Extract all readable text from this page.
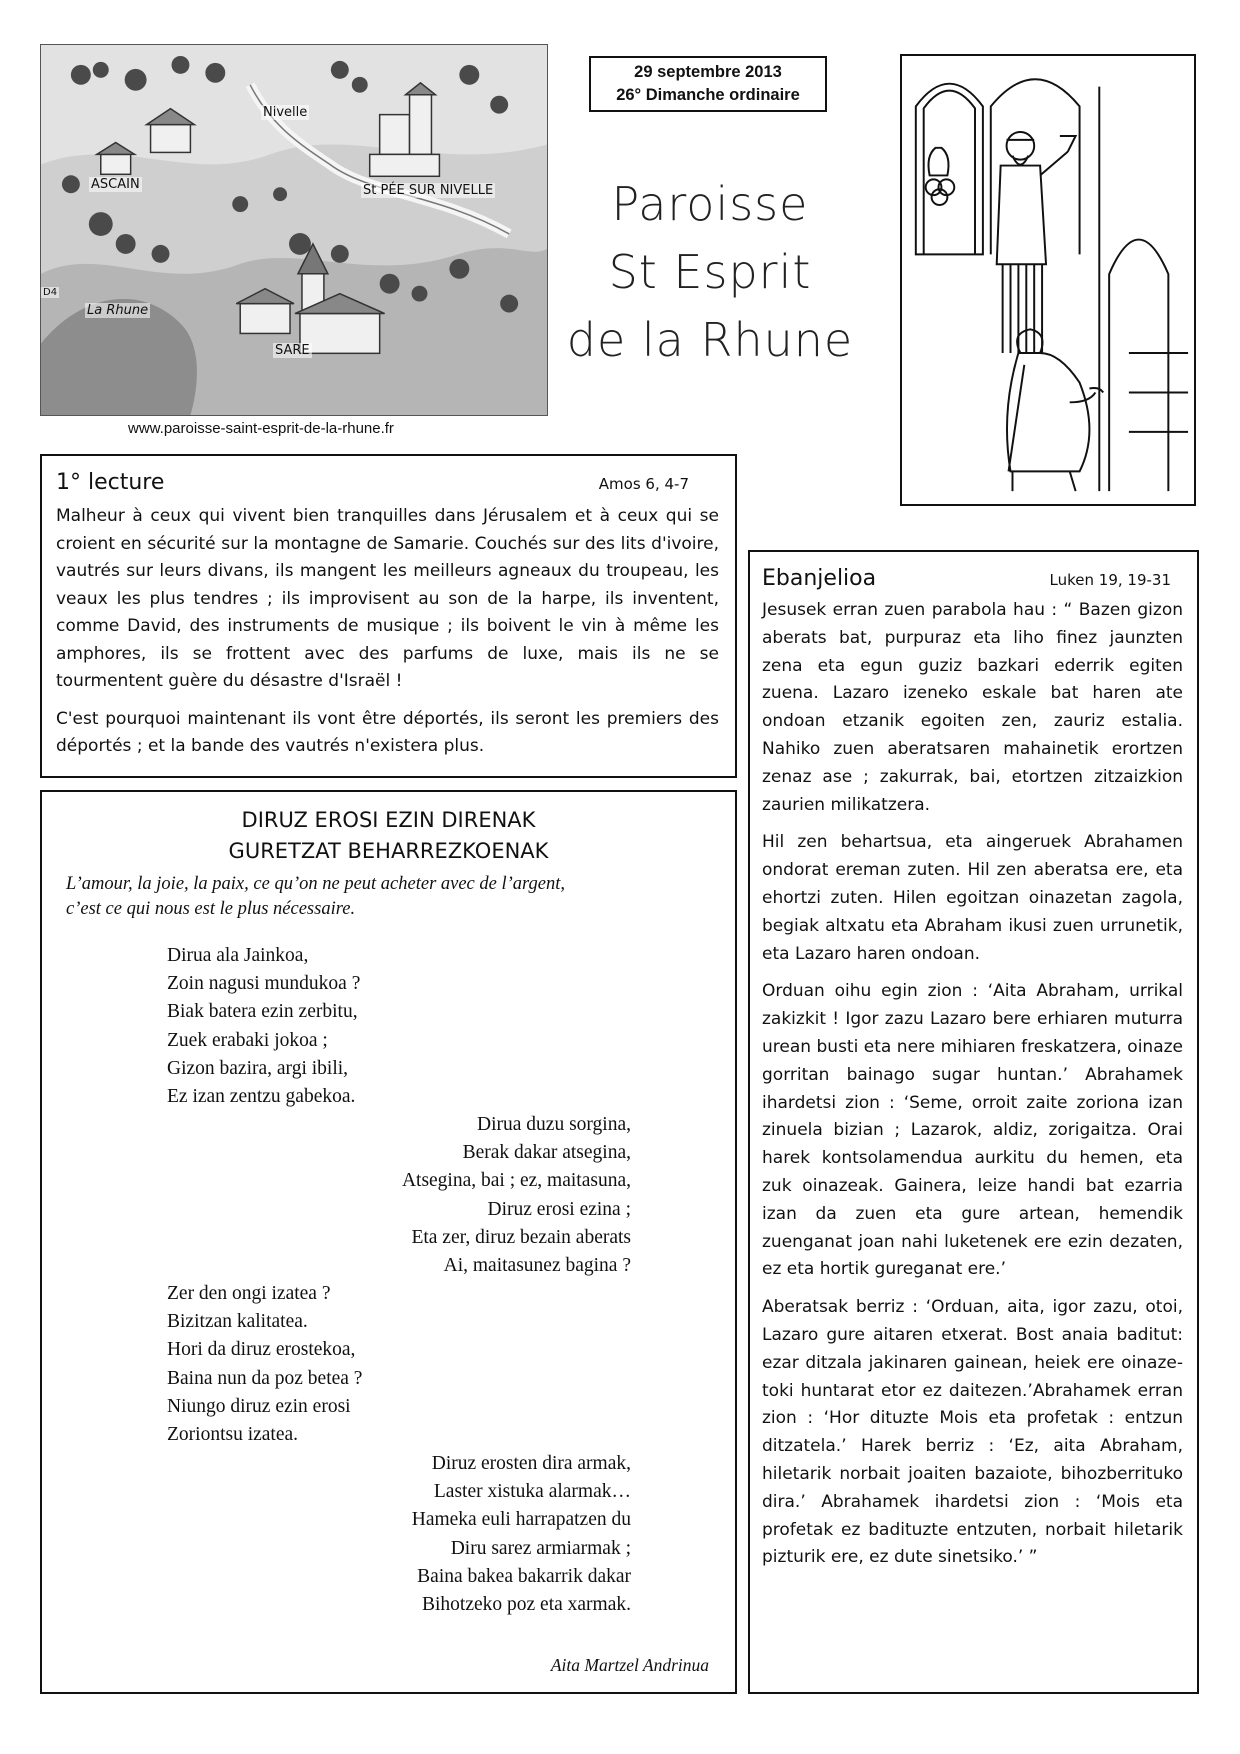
Nivelle
ASCAIN	St PÉE SUR NIVELLE
La Rhune
SARE
D4
www.paroisse-saint-esprit-de-la-rhune.fr
29 septembre 2013
26° Dimanche ordinaire
Paroisse
St Esprit
de la Rhune
1° lecture	Amos 6, 4-7

Malheur à ceux qui vivent bien tranquilles dans Jérusalem et à ceux qui se croient en sécurité sur la montagne de Samarie. Couchés sur des lits d'ivoire, vautrés sur leurs divans, ils mangent les meilleurs agneaux du troupeau, les veaux les plus tendres ; ils improvisent au son de la harpe, ils inventent, comme David, des instruments de musique ; ils boivent le vin à même les amphores, ils se frottent avec des parfums de luxe, mais ils ne se tourmentent guère du désastre d'Israël !

C'est pourquoi maintenant ils vont être déportés, ils seront les premiers des déportés ; et la bande des vautrés n'existera plus.

DIRUZ EROSI EZIN DIRENAK
GURETZAT BEHARREZKOENAK
L’amour, la joie, la paix, ce qu’on ne peut acheter avec de l’argent,
c’est ce qui nous est le plus nécessaire.
Dirua ala Jainkoa,
Zoin nagusi mundukoa ?
Biak batera ezin zerbitu,
Zuek erabaki jokoa ;
Gizon bazira, argi ibili,
Ez izan zentzu gabekoa.
Dirua duzu sorgina,
Berak dakar atsegina,
Atsegina, bai ; ez, maitasuna,
Diruz erosi ezina ;
Eta zer, diruz bezain aberats
Ai, maitasunez bagina ?
Zer den ongi izatea ?
Bizitzan kalitatea.
Hori da diruz erostekoa,
Baina nun da poz betea ?
Niungo diruz ezin erosi
Zoriontsu izatea.
Diruz erosten dira armak,
Laster xistuka alarmak…
Hameka euli harrapatzen du
Diru sarez armiarmak ;
Baina bakea bakarrik dakar
Bihotzeko poz eta xarmak.
Aita Martzel Andrinua
Ebanjelioa	Luken 19, 19-31

Jesusek erran zuen parabola hau : “ Bazen gizon aberats bat, purpuraz eta liho finez jaunzten zena eta egun guziz bazkari ederrik egiten zuena. Lazaro izeneko eskale bat haren ate ondoan etzanik egoiten zen, zauriz estalia. Nahiko zuen aberatsaren mahainetik erortzen zenaz ase ; zakurrak, bai, etortzen zitzaizkion zaurien milikatzera.

Hil zen behartsua, eta aingeruek Abrahamen ondorat ereman zuten. Hil zen aberatsa ere, eta ehortzi zuten. Hilen egoitzan oinazetan zagola, begiak altxatu eta Abraham ikusi zuen urrunetik, eta Lazaro haren ondoan.

Orduan oihu egin zion : ‘Aita Abraham, urrikal zakizkit ! Igor zazu Lazaro bere erhiaren muturra urean busti eta nere mihiaren freskatzera, oinaze gorritan bainago sugar huntan.’ Abrahamek ihardetsi zion : ‘Seme, orroit zaite zoriona izan zinuela bizian ; Lazarok, aldiz, zorigaitza. Orai harek kontsolamendua aurkitu du hemen, eta zuk oinazeak. Gainera, leize handi bat ezarria izan da zuen eta gure artean, hemendik zuenganat joan nahi luketenek ere ezin dezaten, ez eta hortik gureganat ere.’

Aberatsak berriz : ‘Orduan, aita, igor zazu, otoi, Lazaro gure aitaren etxerat. Bost anaia baditut: ezar ditzala jakinaren gainean, heiek ere oinaze-toki huntarat etor ez daitezen.’Abrahamek erran zion : ‘Hor dituzte Mois eta profetak : entzun ditzatela.’ Harek berriz : ‘Ez, aita Abraham, hiletarik norbait joaiten bazaiote, bihozberrituko dira.’ Abrahamek ihardetsi zion : ‘Mois eta profetak ez badituzte entzuten, norbait hiletarik pizturik ere, ez dute sinetsiko.’ ”
